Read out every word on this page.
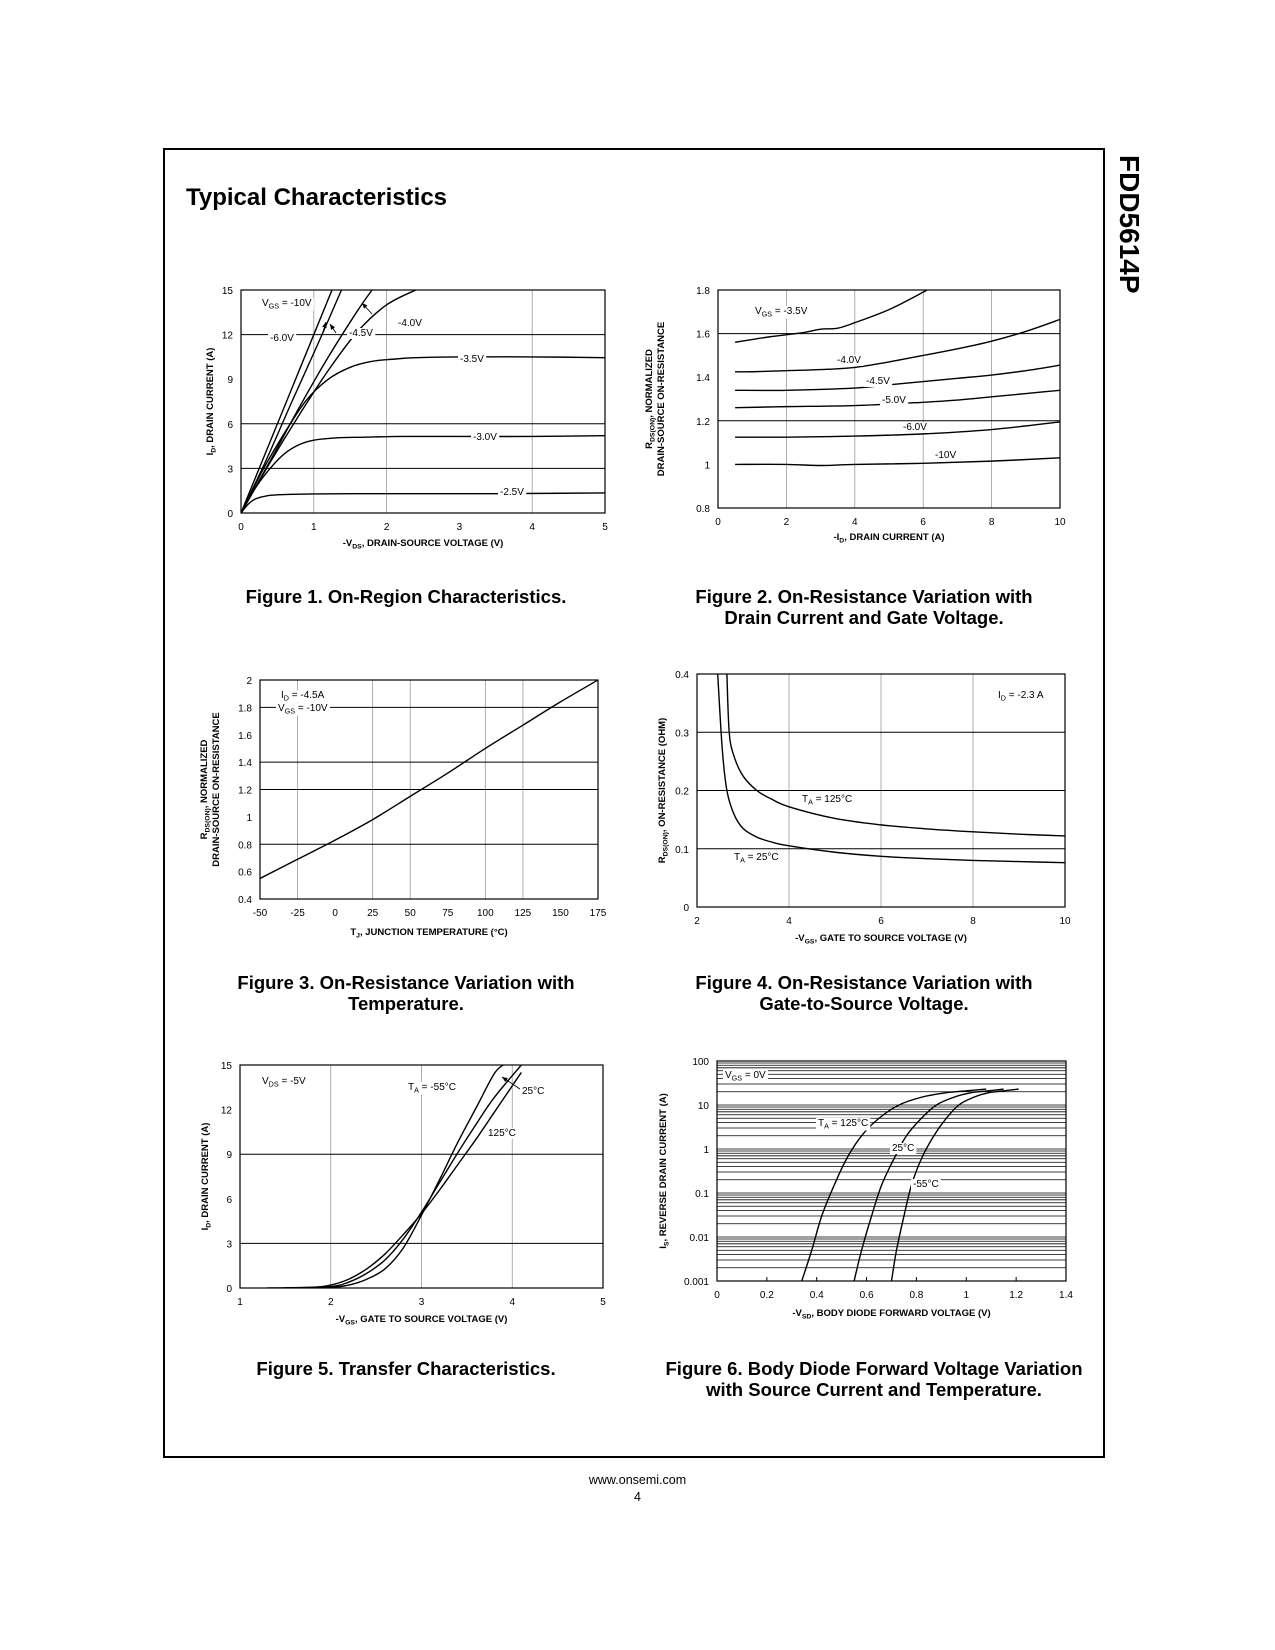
FDD5614P
Typical Characteristics
0	1	2	3	4	5
0
3
6
9
12
15
$-V_{DS}$, DRAIN-SOURCE VOLTAGE (V)
$I_D$, DRAIN CURRENT (A)
$V_{GS} = -10V$
-6.0V	-4.5V
-4.0V
-3.5V
-3.0V
-2.5V
0	2	4	6	8	10
0.8
1
1.2
1.4
1.6
1.8
$-I_D$, DRAIN CURRENT (A)
$R_{DS(ON)}$, NORMALIZED DRAIN-SOURCE ON-RESISTANCE
$V_{GS} = -3.5V$
-4.0V
-4.5V
-5.0V
-6.0V
-10V
-50 -25	0	25	50	75 100 125 150 175
0.4
0.6
0.8
1
1.2
1.4
1.6
1.8
2
$T_J$, JUNCTION TEMPERATURE (°C)
$R_{DS(ON)}$, NORMALIZED DRAIN-SOURCE ON-RESISTANCE
$I_D = -4.5A$
$V_{GS} = -10V$
2	4	6	8	10
0
0.1
0.2
0.3
0.4
$-V_{GS}$, GATE TO SOURCE VOLTAGE (V)
$R_{DS(ON)}$, ON-RESISTANCE (OHM)
$I_D = -2.3$ A
$T_A = 125^\circ C$
$T_A = 25^\circ C$
1	2	3	4	5
0
3
6
9
12
15
$-V_{GS}$, GATE TO SOURCE VOLTAGE (V)
$I_D$, DRAIN CURRENT (A)
$V_{DS} = -5V$
$T_A = -55^\circ C$	25°C
125°C
0	0.2	0.4	0.6	0.8	1	1.2	1.4
0.001
0.01
0.1
1
10
100
$-V_{SD}$, BODY DIODE FORWARD VOLTAGE (V)
$I_S$, REVERSE DRAIN CURRENT (A)
$V_{GS} = 0V$
$T_A = 125^\circ C$
25°C
-55°C
Figure 1. On-Region Characteristics.	Figure 2. On-Resistance Variation with
Drain Current and Gate Voltage.
Figure 3. On-Resistance Variation with
Temperature.
Figure 4. On-Resistance Variation with
Gate-to-Source Voltage.
Figure 5. Transfer Characteristics.	Figure 6. Body Diode Forward Voltage Variation
with Source Current and Temperature.
www.onsemi.com
4
